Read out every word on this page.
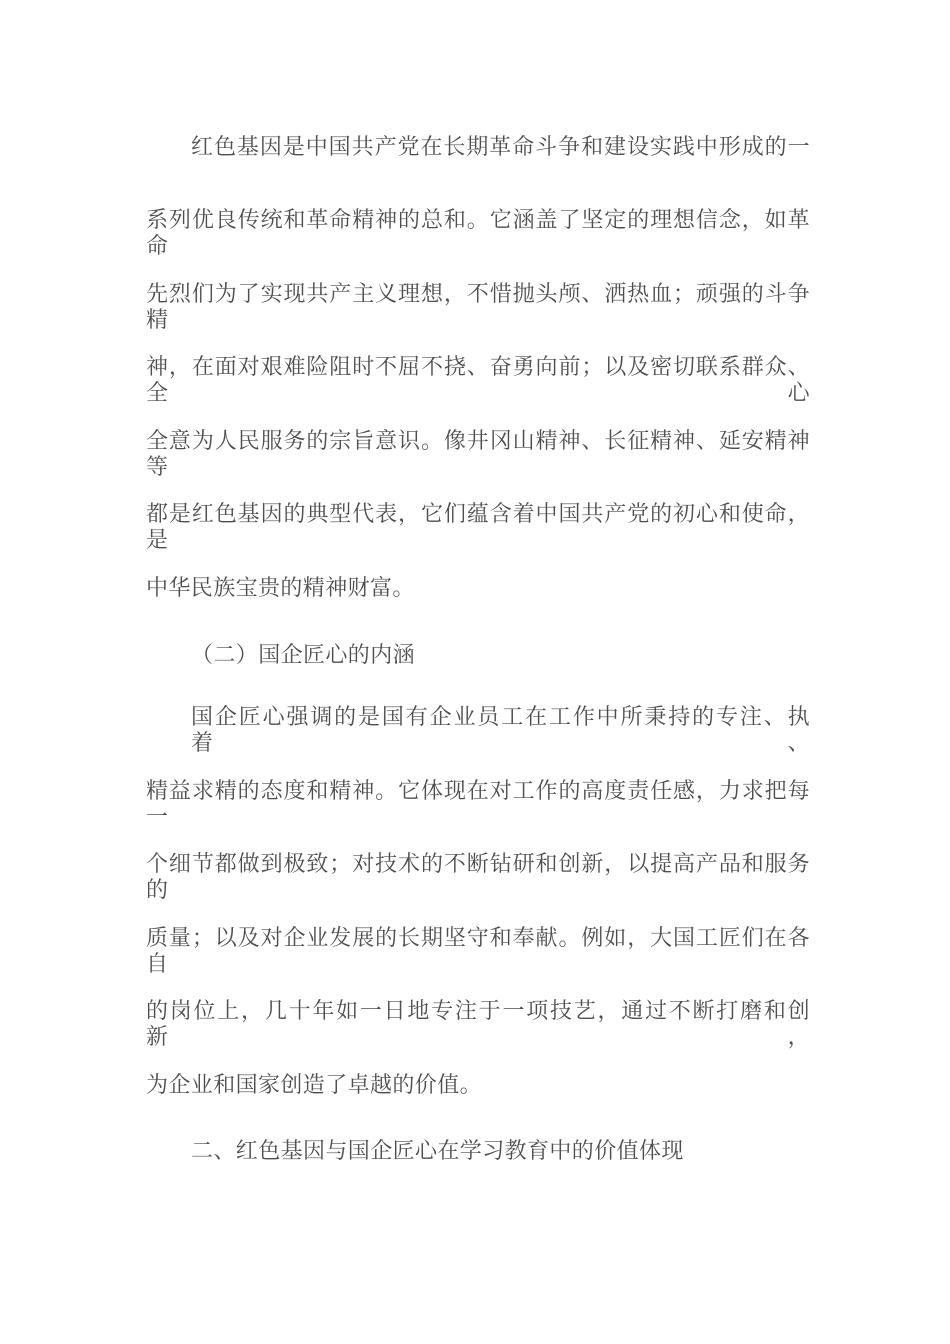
红色基因是中国共产党在长期革命斗争和建设实践中形成的一
系列优良传统和革命精神的总和。它涵盖了坚定的理想信念，如革命
先烈们为了实现共产主义理想，不惜抛头颅、洒热血；顽强的斗争精
神，在面对艰难险阻时不屈不挠、奋勇向前；以及密切联系群众、全心
全意为人民服务的宗旨意识。像井冈山精神、长征精神、延安精神等
都是红色基因的典型代表，它们蕴含着中国共产党的初心和使命，是
中华民族宝贵的精神财富。
（二）国企匠心的内涵
国企匠心强调的是国有企业员工在工作中所秉持的专注、执着、
精益求精的态度和精神。它体现在对工作的高度责任感，力求把每一
个细节都做到极致；对技术的不断钻研和创新，以提高产品和服务的
质量；以及对企业发展的长期坚守和奉献。例如，大国工匠们在各自
的岗位上，几十年如一日地专注于一项技艺，通过不断打磨和创新，
为企业和国家创造了卓越的价值。
二、红色基因与国企匠心在学习教育中的价值体现
